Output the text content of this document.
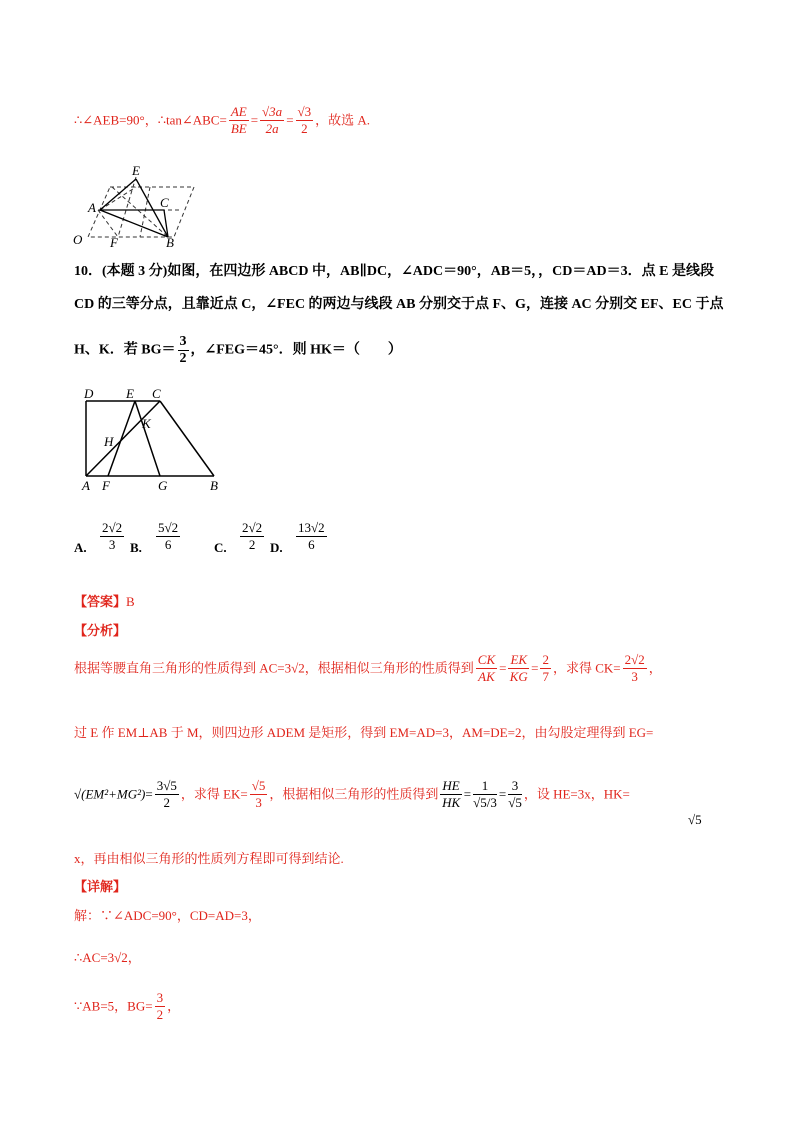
∴∠AEB=90°，∴tan∠ABC= $\frac{AE}{BE} = \frac{√3a}{2a} = \frac{√3}{2}$ ，故选 A.
E
A	C
O F	B
10．(本题 3 分)如图，在四边形 ABCD 中，AB∥DC，∠ADC＝90°，AB＝5，，CD＝AD＝3．点 E 是线段
CD 的三等分点，且靠近点 C，∠FEC 的两边与线段 AB 分别交于点 F、G，连接 AC 分别交 EF、EC 于点
H、K．若 $BG= \frac{3}{2}$ ，∠FEG＝45°．则 HK＝（　　）
D	E C
K
H
A F	G	B
A. $\frac{2√2}{3} B$. $\frac{5√2}{6}$	C. $\frac{2√2}{2} D$. $\frac{13√2}{6}$
【答案】B
【分析】
根据等腰直角三角形的性质得到 AC=3√2，根据相似三角形的性质得到 $\frac{CK}{AK} = \frac{EK}{KG} = \frac{2}{7}$ ，求得 $CK= \frac{2√2}{3}$ ，
过 E 作 EM⊥AB 于 M，则四边形 ADEM 是矩形，得到 EM=AD=3，AM=DE=2，由勾股定理得到 EG=
$√(EM^2+MG^2)= \frac{3√5}{2}$ ，求得 $EK= \frac{√5}{3}$ ，根据相似三角形的性质得到 $\frac{HE}{HK} = \frac{1}{√5/3} = \frac{3}{√5}$ ，设 HE=3x，HK=
√5
x，再由相似三角形的性质列方程即可得到结论.
【详解】
解：∵∠ADC=90°，CD=AD=3，
∴AC=3√2，
∵AB=5，$BG= \frac{3}{2}$ ，
